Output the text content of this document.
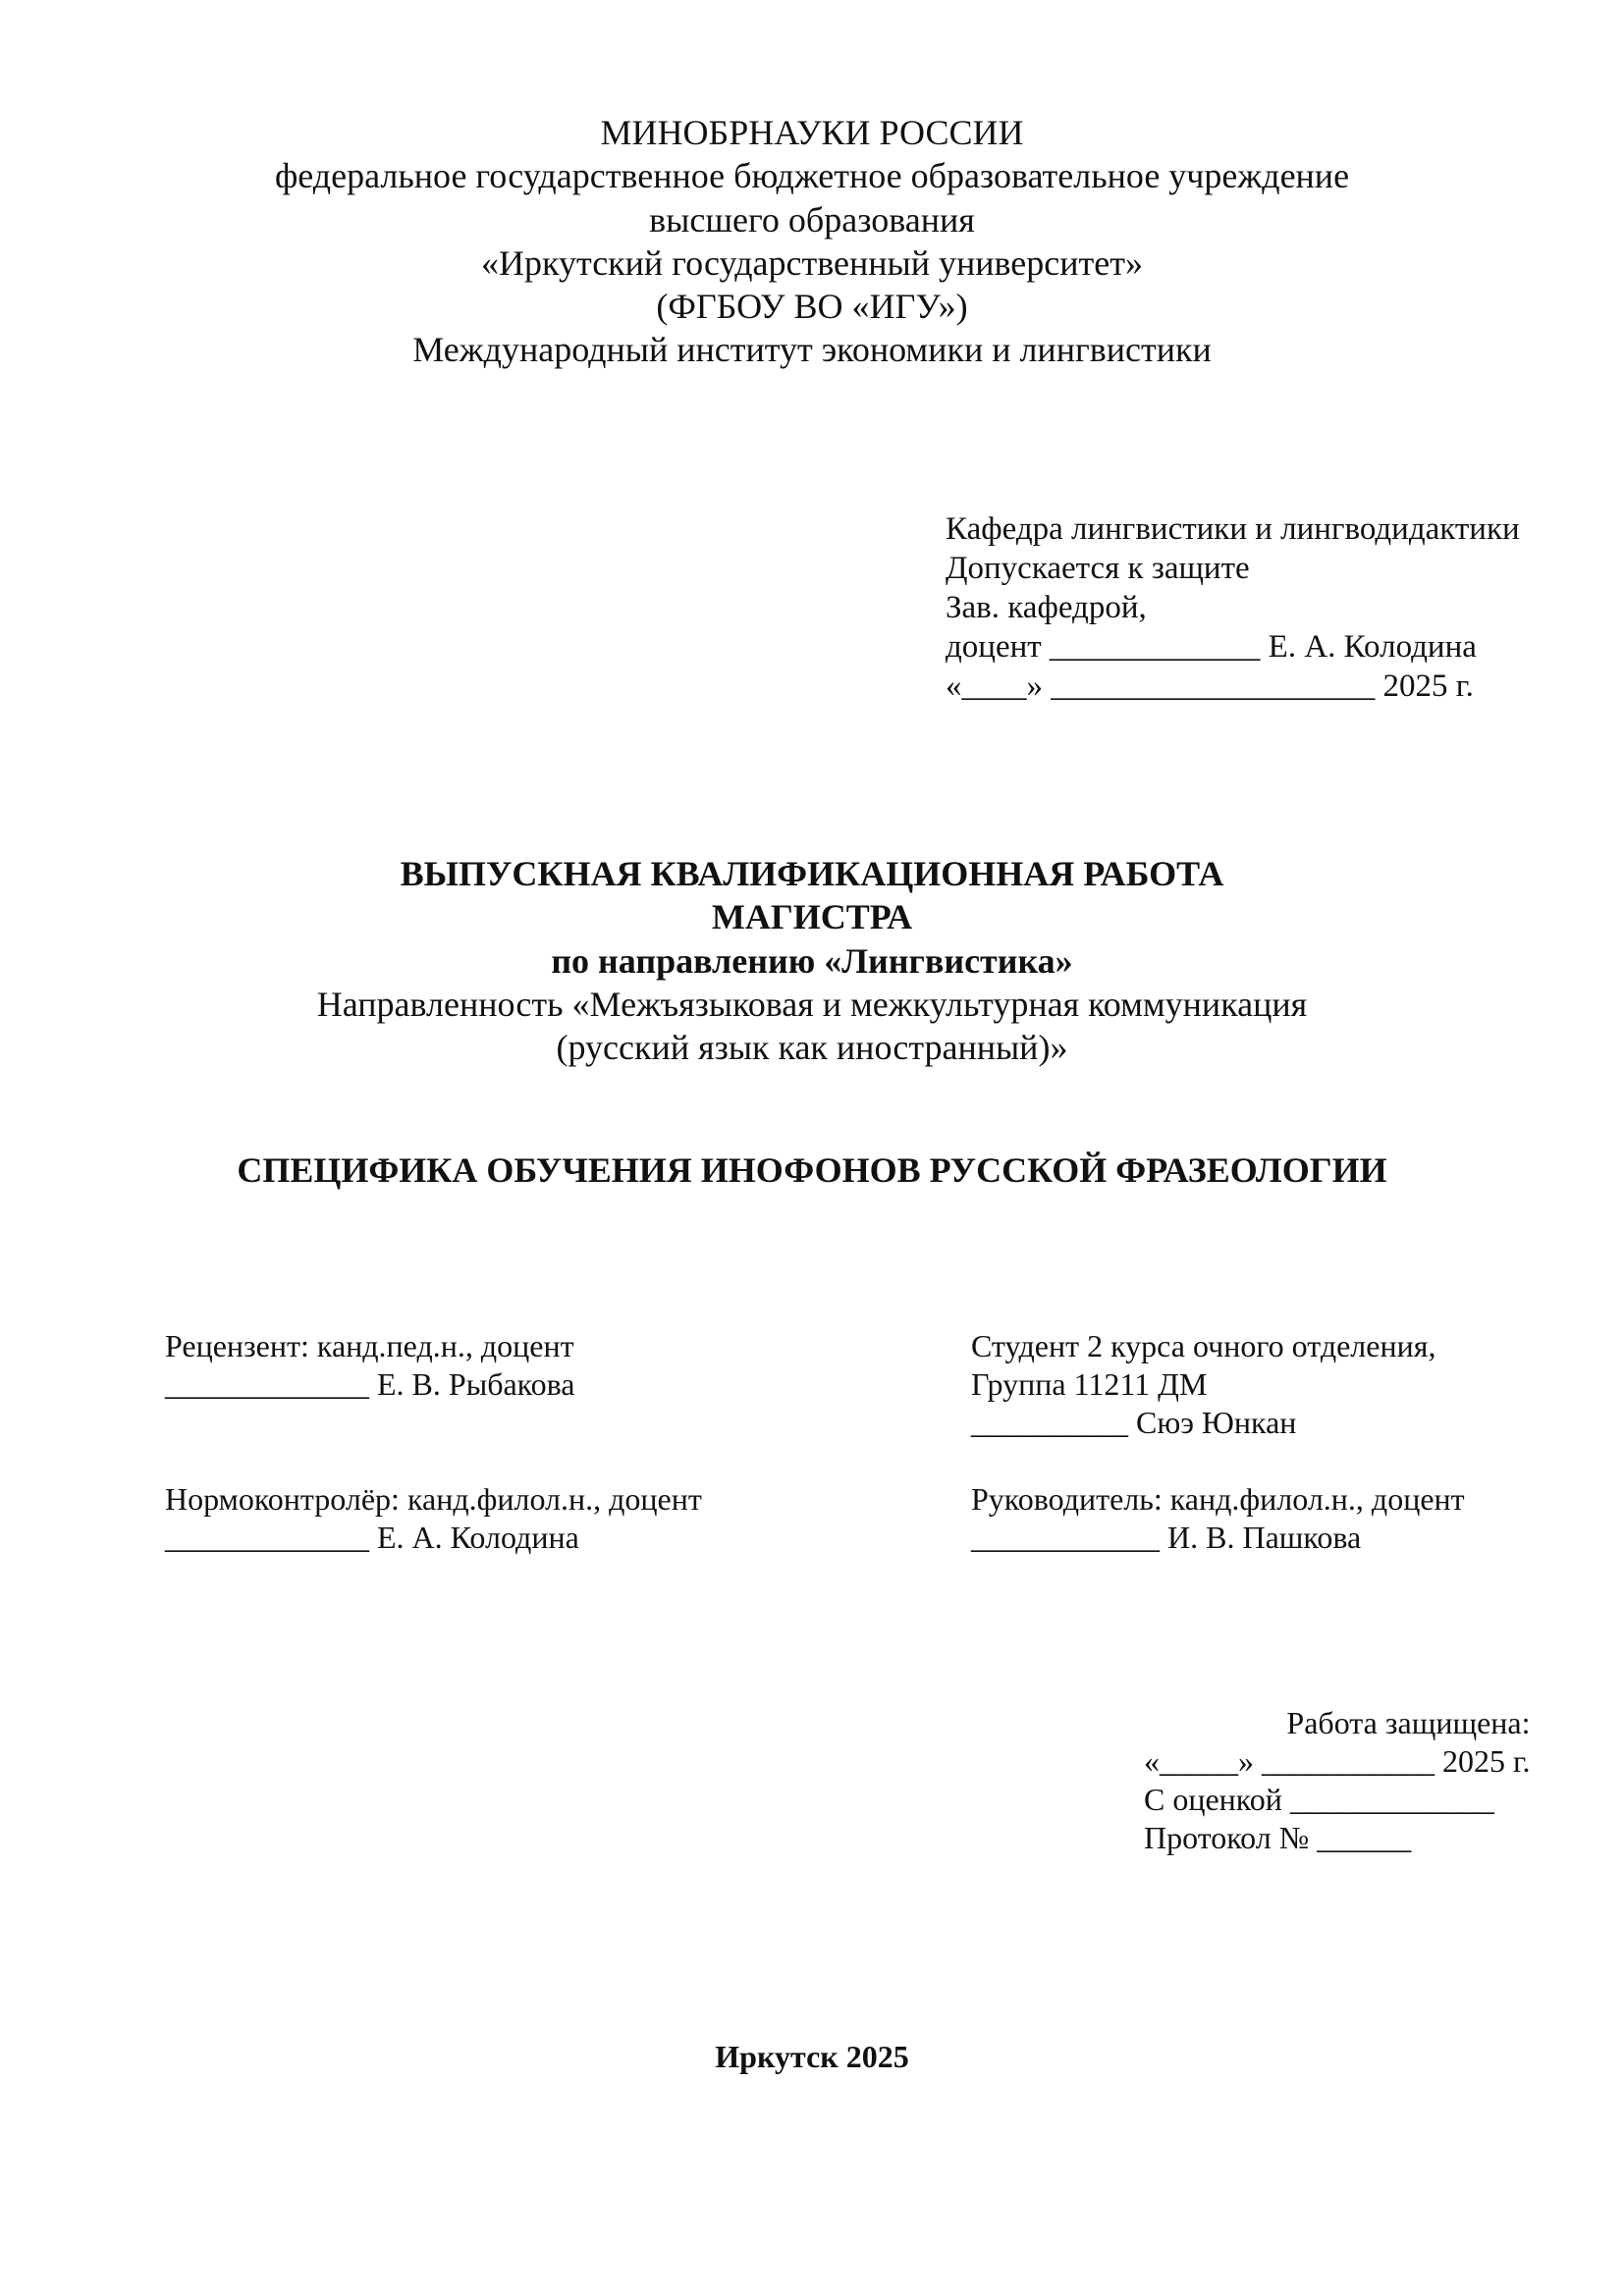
МИНОБРНАУКИ РОССИИ
федеральное государственное бюджетное образовательное учреждение
высшего образования
«Иркутский государственный университет»
(ФГБОУ ВО «ИГУ»)
Международный институт экономики и лингвистики
Кафедра лингвистики и лингводидактики
Допускается к защите
Зав. кафедрой,
доцент _____________ Е. А. Колодина
«____» ____________________ 2025 г.
ВЫПУСКНАЯ КВАЛИФИКАЦИОННАЯ РАБОТА
МАГИСТРА
по направлению «Лингвистика»
Направленность «Межъязыковая и межкультурная коммуникация
(русский язык как иностранный)»
СПЕЦИФИКА ОБУЧЕНИЯ ИНОФОНОВ РУССКОЙ ФРАЗЕОЛОГИИ
Рецензент: канд.пед.н., доцент
_____________ Е. В. Рыбакова
Нормоконтролёр: канд.филол.н., доцент
_____________ Е. А. Колодина
Студент 2 курса очного отделения,
Группа 11211 ДМ
__________ Сюэ Юнкан
Руководитель: канд.филол.н., доцент
____________ И. В. Пашкова
Работа защищена:
«_____» ___________ 2025 г.
С оценкой _____________
Протокол № ______
Иркутск 2025
